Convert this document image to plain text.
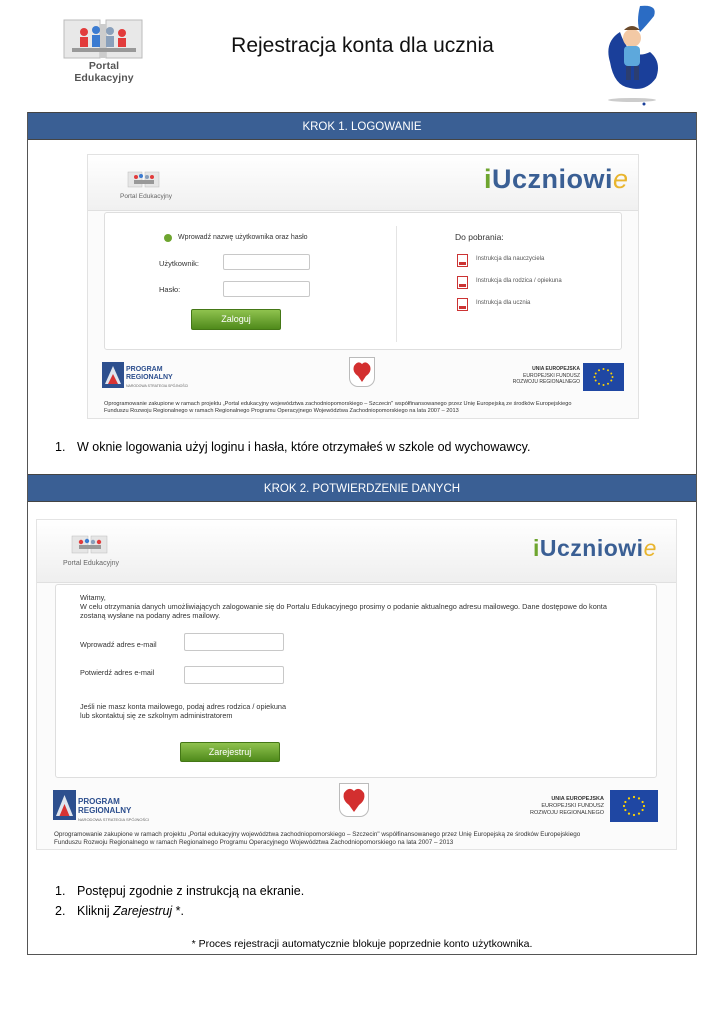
Portal Edukacyjny
Rejestracja konta dla ucznia
KROK 1. LOGOWANIE
Portal Edukacyjny
iUczniowie
Wprowadź nazwę użytkownika oraz hasło
Użytkownik:
Hasło:
Zaloguj
Do pobrania:
Instrukcja dla nauczyciela
Instrukcja dla rodzica / opiekuna
Instrukcja dla ucznia
PROGRAM
REGIONALNY
NARODOWA STRATEGIA SPÓJNOŚCI
UNIA EUROPEJSKA
EUROPEJSKI FUNDUSZ
ROZWOJU REGIONALNEGO
Oprogramowanie zakupione w ramach projektu „Portal edukacyjny województwa zachodniopomorskiego – Szczecin" współfinansowanego przez Unię Europejską ze środków Europejskiego
Funduszu Rozwoju Regionalnego w ramach Regionalnego Programu Operacyjnego Województwa Zachodniopomorskiego na lata 2007 – 2013
1. W oknie logowania użyj loginu i hasła, które otrzymałeś w szkole od wychowawcy.
KROK 2. POTWIERDZENIE DANYCH
Portal Edukacyjny
iUczniowie
Witamy,
W celu otrzymania danych umożliwiających zalogowanie się do Portalu Edukacyjnego prosimy o podanie aktualnego adresu mailowego. Dane dostępowe do konta
zostaną wysłane na podany adres mailowy.
Wprowadź adres e-mail
Potwierdź adres e-mail
Jeśli nie masz konta mailowego, podaj adres rodzica / opiekuna
lub skontaktuj się ze szkolnym administratorem
Zarejestruj
PROGRAM
REGIONALNY
NARODOWA STRATEGIA SPÓJNOŚCI
UNIA EUROPEJSKA
EUROPEJSKI FUNDUSZ
ROZWOJU REGIONALNEGO
Oprogramowanie zakupione w ramach projektu „Portal edukacyjny województwa zachodniopomorskiego – Szczecin" współfinansowanego przez Unię Europejską ze środków Europejskiego
Funduszu Rozwoju Regionalnego w ramach Regionalnego Programu Operacyjnego Województwa Zachodniopomorskiego na lata 2007 – 2013
1. Postępuj zgodnie z instrukcją na ekranie.
2. Kliknij Zarejestruj *.
* Proces rejestracji automatycznie blokuje poprzednie konto użytkownika.
